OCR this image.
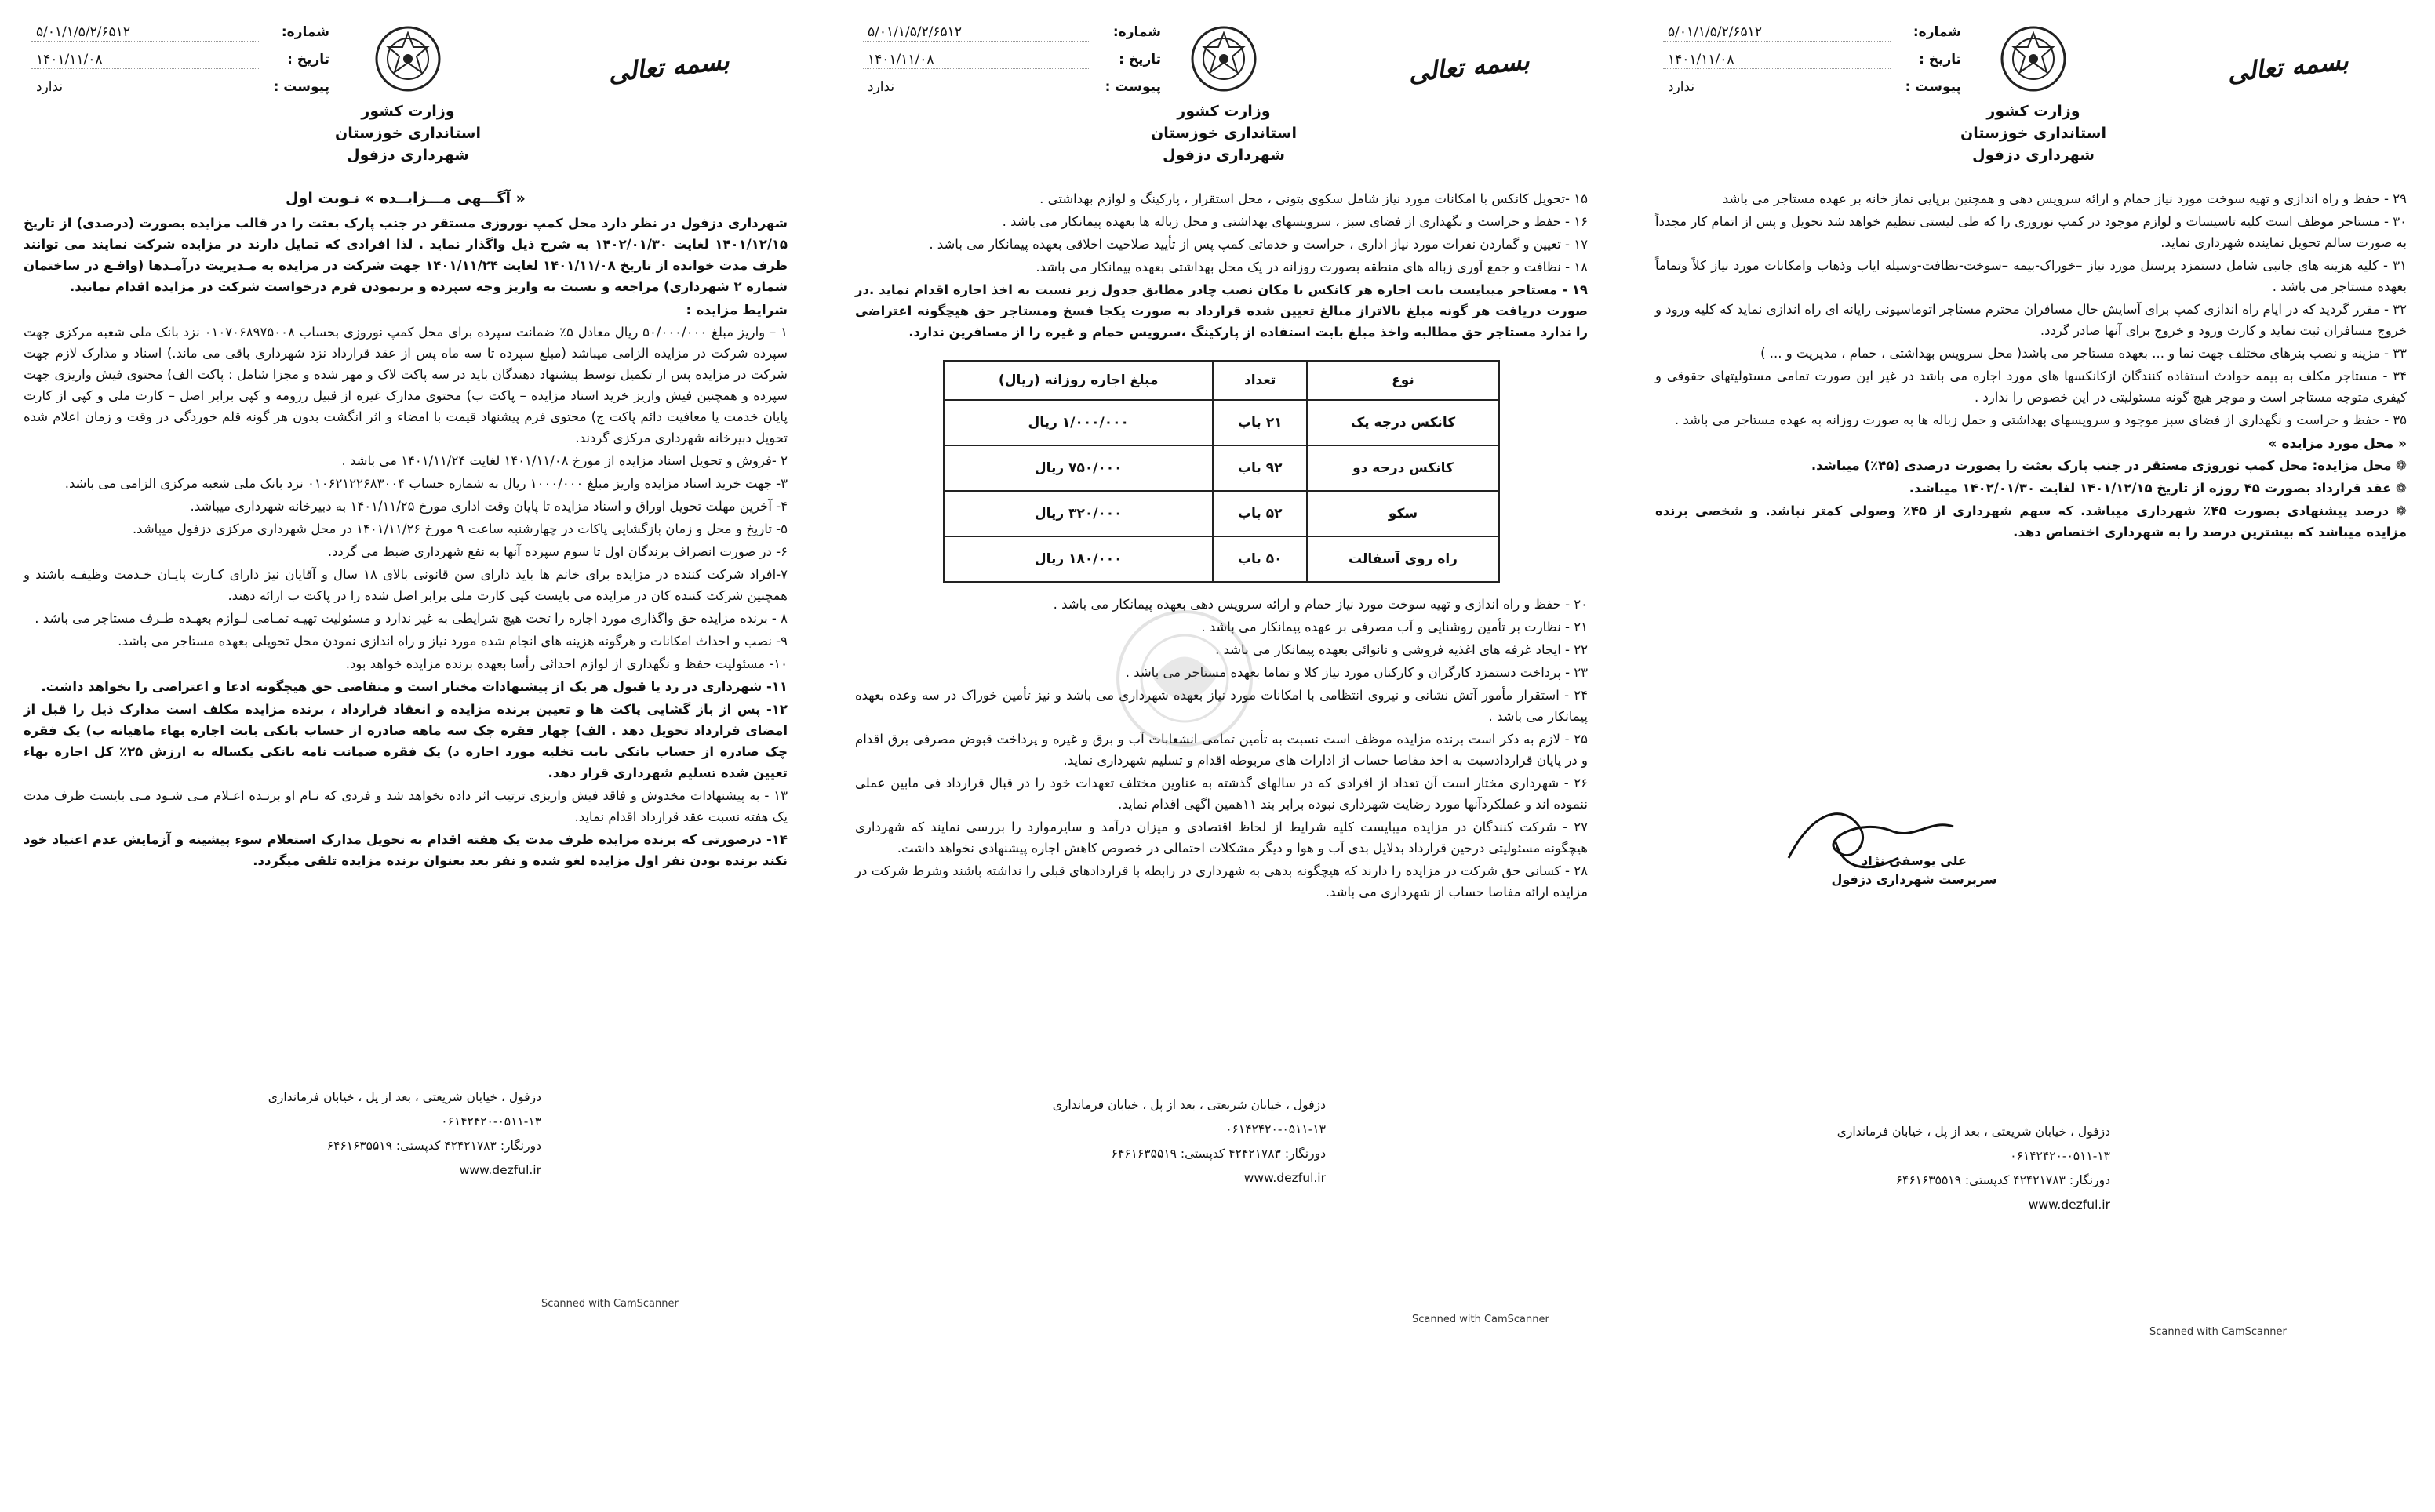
بسمه تعالی
وزارت کشور
استانداری خوزستان
شهرداری دزفول
شماره:
۵/۰۱/۱/۵/۲/۶۵۱۲
تاریخ :
۱۴۰۱/۱۱/۰۸
پیوست :
ندارد
« آگـــهی مـــزایــده » نـوبت اول

شهرداری دزفول در نظر دارد محل کمپ نوروزی مستقر در جنب پارک بعثت را در قالب مزایده بصورت (درصدی) از تاریخ ۱۴۰۱/۱۲/۱۵ لغایت ۱۴۰۲/۰۱/۳۰ به شرح ذیل واگذار نماید . لذا افرادی که تمایل دارند در مزایده شرکت نمایند می توانند ظرف مدت خوانده از تاریخ ۱۴۰۱/۱۱/۰۸ لغایت ۱۴۰۱/۱۱/۲۴ جهت شرکت در مزایده به مـدیریت درآمـدها (واقـع در ساختمان شماره ۲ شهرداری) مراجعه و نسبت به واریز وجه سپرده و برنمودن فرم درخواست شرکت در مزایده اقدام نمانید.

شرایط مزایده :

۱ – واریز مبلغ ۵۰/۰۰۰/۰۰۰ ریال معادل ۵٪ ضمانت سپرده برای محل کمپ نوروزی بحساب ۰۱۰۷۰۶۸۹۷۵۰۰۸ نزد بانک ملی شعبه مرکزی جهت سپرده شرکت در مزایده الزامی میباشد (مبلغ سپرده تا سه ماه پس از عقد قرارداد نزد شهرداری باقی می ماند.) اسناد و مدارک لازم جهت شرکت در مزایده پس از تکمیل توسط پیشنهاد دهندگان باید در سه پاکت لاک و مهر شده و مجزا شامل : پاکت الف) محتوی فیش واریزی جهت سپرده و همچنین فیش واریز خرید اسناد مزایده – پاکت ب) محتوی مدارک غیره از قبیل رزومه و کپی برابر اصل – کارت ملی و کپی از کارت پایان خدمت یا معافیت دائم پاکت ج) محتوی فرم پیشنهاد قیمت با امضاء و اثر انگشت بدون هر گونه قلم خوردگی در وقت و زمان اعلام شده تحویل دبیرخانه شهرداری مرکزی گردند.

۲ -فروش و تحویل اسناد مزایده از مورخ ۱۴۰۱/۱۱/۰۸ لغایت ۱۴۰۱/۱۱/۲۴ می باشد .

۳- جهت خرید اسناد مزایده واریز مبلغ ۱۰۰۰/۰۰۰ ریال به شماره حساب ۰۱۰۶۲۱۲۲۶۸۳۰۰۴ نزد بانک ملی شعبه مرکزی الزامی می باشد.

۴- آخرین مهلت تحویل اوراق و اسناد مزایده تا پایان وقت اداری مورخ ۱۴۰۱/۱۱/۲۵ به دبیرخانه شهرداری میباشد.

۵- تاریخ و محل و زمان بازگشایی پاکات در چهارشنبه ساعت ۹ مورخ ۱۴۰۱/۱۱/۲۶ در محل شهرداری مرکزی دزفول میباشد.

۶- در صورت انصراف برندگان اول تا سوم سپرده آنها به نفع شهرداری ضبط می گردد.

۷-افراد شرکت کننده در مزایده برای خانم ها باید دارای سن قانونی بالای ۱۸ سال و آقایان نیز دارای کـارت پایـان خـدمت وظیفـه باشند و همچنین شرکت کننده کان در مزایده می بایست کپی کارت ملی برابر اصل شده را در پاکت ب ارائه دهند.

۸ - برنده مزایده حق واگذاری مورد اجاره را تحت هیچ شرایطی به غیر ندارد و مسئولیت تهیـه تمـامی لـوازم بعهـده طـرف مستاجر می باشد .

۹- نصب و احداث امکانات و هرگونه هزینه های انجام شده مورد نیاز و راه اندازی نمودن محل تحویلی بعهده مستاجر می باشد.

۱۰- مسئولیت حفظ و نگهداری از لوازم احداثی رأسا بعهده برنده مزایده خواهد بود.

۱۱- شهرداری در رد یا قبول هر یک از پیشنهادات مختار است و متقاضی حق هیچگونه ادعا و اعتراضی را نخواهد داشت.

۱۲- پس از باز گشایی پاکت ها و تعیین برنده مزایده و انعقاد قرارداد ، برنده مزایده مکلف است مدارک ذیل را قبل از امضای قرارداد تحویل دهد . الف) چهار فقره چک سه ماهه صادره از حساب بانکی بابت اجاره بهاء ماهیانه ب) یک فقره چک صادره از حساب بانکی بابت تخلیه مورد اجاره د) یک فقره ضمانت نامه بانکی یکساله به ارزش ۲۵٪ کل اجاره بهاء تعیین شده تسلیم شهرداری قرار دهد.

۱۳ - به پیشنهادات مخدوش و فاقد فیش واریزی ترتیب اثر داده نخواهد شد و فردی که نـام او برنـده اعـلام مـی شـود مـی بایست ظرف مدت یک هفته نسبت عقد قرارداد اقدام نماید.

۱۴- درصورتی که برنده مزایده ظرف مدت یک هفته اقدام به تحویل مدارک استعلام سوء پیشینه و آزمایش عدم اعتیاد خود نکند برنده بودن نفر اول مزایده لغو شده و نفر بعد بعنوان برنده مزایده تلقی میگردد.

دزفول ، خیابان شریعتی ، بعد از پل ، خیابان فرمانداری ۱۳-۰۵۱۱-۰۶۱۴۲۴۲۰
دورنگار: ۴۲۴۲۱۷۸۳ کدپستی: ۶۴۶۱۶۳۵۵۱۹
www.dezful.ir
Scanned with CamScanner
بسمه تعالی
وزارت کشور
استانداری خوزستان
شهرداری دزفول
شماره:
۵/۰۱/۱/۵/۲/۶۵۱۲
تاریخ :
۱۴۰۱/۱۱/۰۸
پیوست :
ندارد

۱۵ -تحویل کانکس با امکانات مورد نیاز شامل سکوی بتونی ، محل استقرار ، پارکینگ و لوازم بهداشتی .

۱۶ - حفظ و حراست و نگهداری از فضای سبز ، سرویسهای بهداشتی و محل زباله ها بعهده پیمانکار می باشد .

۱۷ - تعیین و گماردن نفرات مورد نیاز اداری ، حراست و خدماتی کمپ پس از تأیید صلاحیت اخلاقی بعهده پیمانکار می باشد .

۱۸ - نظافت و جمع آوری زباله های منطقه بصورت روزانه در یک محل بهداشتی بعهده پیمانکار می باشد.

۱۹ - مستاجر میبایست بابت اجاره هر کانکس با مکان نصب چادر مطابق جدول زیر نسبت به اخذ اجاره اقدام نماید .در صورت دریافت هر گونه مبلغ بالاتراز مبالغ تعیین شده قرارداد به صورت یکجا فسخ ومستاجر حق هیچگونه اعتراضی را ندارد مستاجر حق مطالبه واخذ مبلغ بابت استفاده از پارکینگ ،سرویس حمام و غیره را از مسافرین ندارد.

نوع	تعداد	مبلغ اجاره روزانه (ریال)
کانکس درجه یک	۲۱ باب	۱/۰۰۰/۰۰۰ ریال
کانکس درجه دو	۹۲ باب	۷۵۰/۰۰۰ ریال
سکو	۵۲ باب	۳۲۰/۰۰۰ ریال
راه روی آسفالت	۵۰ باب	۱۸۰/۰۰۰ ریال

۲۰ - حفظ و راه اندازی و تهیه سوخت مورد نیاز حمام و ارائه سرویس دهی بعهده پیمانکار می باشد .

۲۱ - نظارت بر تأمین روشنایی و آب مصرفی بر عهده پیمانکار می باشد .

۲۲ - ایجاد غرفه های اغذیه فروشی و نانوائی بعهده پیمانکار می باشد .

۲۳ - پرداخت دستمزد کارگران و کارکنان مورد نیاز کلا و تماما بعهده مستاجر می باشد .

۲۴ - استقرار مأمور آتش نشانی و نیروی انتظامی با امکانات مورد نیاز بعهده شهرداری می باشد و نیز تأمین خوراک در سه وعده بعهده پیمانکار می باشد .

۲۵ - لازم به ذکر است برنده مزایده موظف است نسبت به تأمین تمامی انشعابات آب و برق و غیره و پرداخت قبوض مصرفی برق اقدام و در پایان قراردادسبت به اخذ مفاصا حساب از ادارات های مربوطه اقدام و تسلیم شهرداری نماید.

۲۶ - شهرداری مختار است آن تعداد از افرادی که در سالهای گذشته به عناوین مختلف تعهدات خود را در قبال قرارداد فی مابین عملی ننموده اند و عملکردآنها مورد رضایت شهرداری نبوده برابر بند ۱۱همین اگهی اقدام نماید.

۲۷ - شرکت کنندگان در مزایده میبایست کلیه شرایط از لحاظ اقتصادی و میزان درآمد و سایرموارد را بررسی نمایند که شهرداری هیچگونه مسئولیتی درحین قرارداد بدلایل بدی آب و هوا و دیگر مشکلات احتمالی در خصوص کاهش اجاره پیشنهادی نخواهد داشت.

۲۸ - کسانی حق شرکت در مزایده را دارند که هیچگونه بدهی به شهرداری در رابطه با قراردادهای قبلی را نداشته باشند وشرط شرکت در مزایده ارائه مفاصا حساب از شهرداری می باشد.

دزفول ، خیابان شریعتی ، بعد از پل ، خیابان فرمانداری ۱۳-۰۵۱۱-۰۶۱۴۲۴۲۰
دورنگار: ۴۲۴۲۱۷۸۳ کدپستی: ۶۴۶۱۶۳۵۵۱۹
www.dezful.ir
Scanned with CamScanner
بسمه تعالی
وزارت کشور
استانداری خوزستان
شهرداری دزفول
شماره:
۵/۰۱/۱/۵/۲/۶۵۱۲
تاریخ :
۱۴۰۱/۱۱/۰۸
پیوست :
ندارد

۲۹ - حفظ و راه اندازی و تهیه سوخت مورد نیاز حمام و ارائه سرویس دهی و همچنین برپایی نماز خانه بر عهده مستاجر می باشد

۳۰ - مستاجر موظف است کلیه تاسیسات و لوازم موجود در کمپ نوروزی را که طی لیستی تنظیم خواهد شد تحویل و پس از اتمام کار مجدداً به صورت سالم تحویل نماینده شهرداری نماید.

۳۱ - کلیه هزینه های جانبی شامل دستمزد پرسنل مورد نیاز –خوراک-بیمه –سوخت-نظافت-وسیله ایاب وذهاب وامکانات مورد نیاز کلاً وتماماً بعهده مستاجر می باشد .

۳۲ - مقرر گردید که در ایام راه اندازی کمپ برای آسایش حال مسافران محترم مستاجر اتوماسیونی رایانه ای راه اندازی نماید که کلیه ورود و خروج مسافران ثبت نماید و کارت ورود و خروج برای آنها صادر گردد.

۳۳ - مزینه و نصب بنرهای مختلف جهت نما و ... بعهده مستاجر می باشد( محل سرویس بهداشتی ، حمام ، مدیریت و ... )

۳۴ - مستاجر مکلف به بیمه حوادث استفاده کنندگان ازکانکسها های مورد اجاره می باشد در غیر این صورت تمامی مسئولیتهای حقوقی و کیفری متوجه مستاجر است و موجر هیچ گونه مسئولیتی در این خصوص را ندارد .

۳۵ - حفظ و حراست و نگهداری از فضای سبز موجود و سرویسهای بهداشتی و حمل زباله ها به صورت روزانه به عهده مستاجر می باشد .

« محل مورد مزایده »

❁ محل مزایده: محل کمپ نوروزی مستقر در جنب پارک بعثت را بصورت درصدی (۴۵٪) میباشد.

❁ عقد قرارداد بصورت ۴۵ روزه از تاریخ ۱۴۰۱/۱۲/۱۵ لغایت ۱۴۰۲/۰۱/۳۰ میباشد.

❁ درصد پیشنهادی بصورت ۴۵٪ شهرداری میباشد. که سهم شهرداری از ۴۵٪ وصولی کمتر نباشد. و شخصی برنده مزایده میباشد که بیشترین درصد را به شهرداری اختصاص دهد.

علی یوسفی نژاد
سرپرست شهرداری دزفول
دزفول ، خیابان شریعتی ، بعد از پل ، خیابان فرمانداری ۱۳-۰۵۱۱-۰۶۱۴۲۴۲۰
دورنگار: ۴۲۴۲۱۷۸۳ کدپستی: ۶۴۶۱۶۳۵۵۱۹
www.dezful.ir
Scanned with CamScanner
